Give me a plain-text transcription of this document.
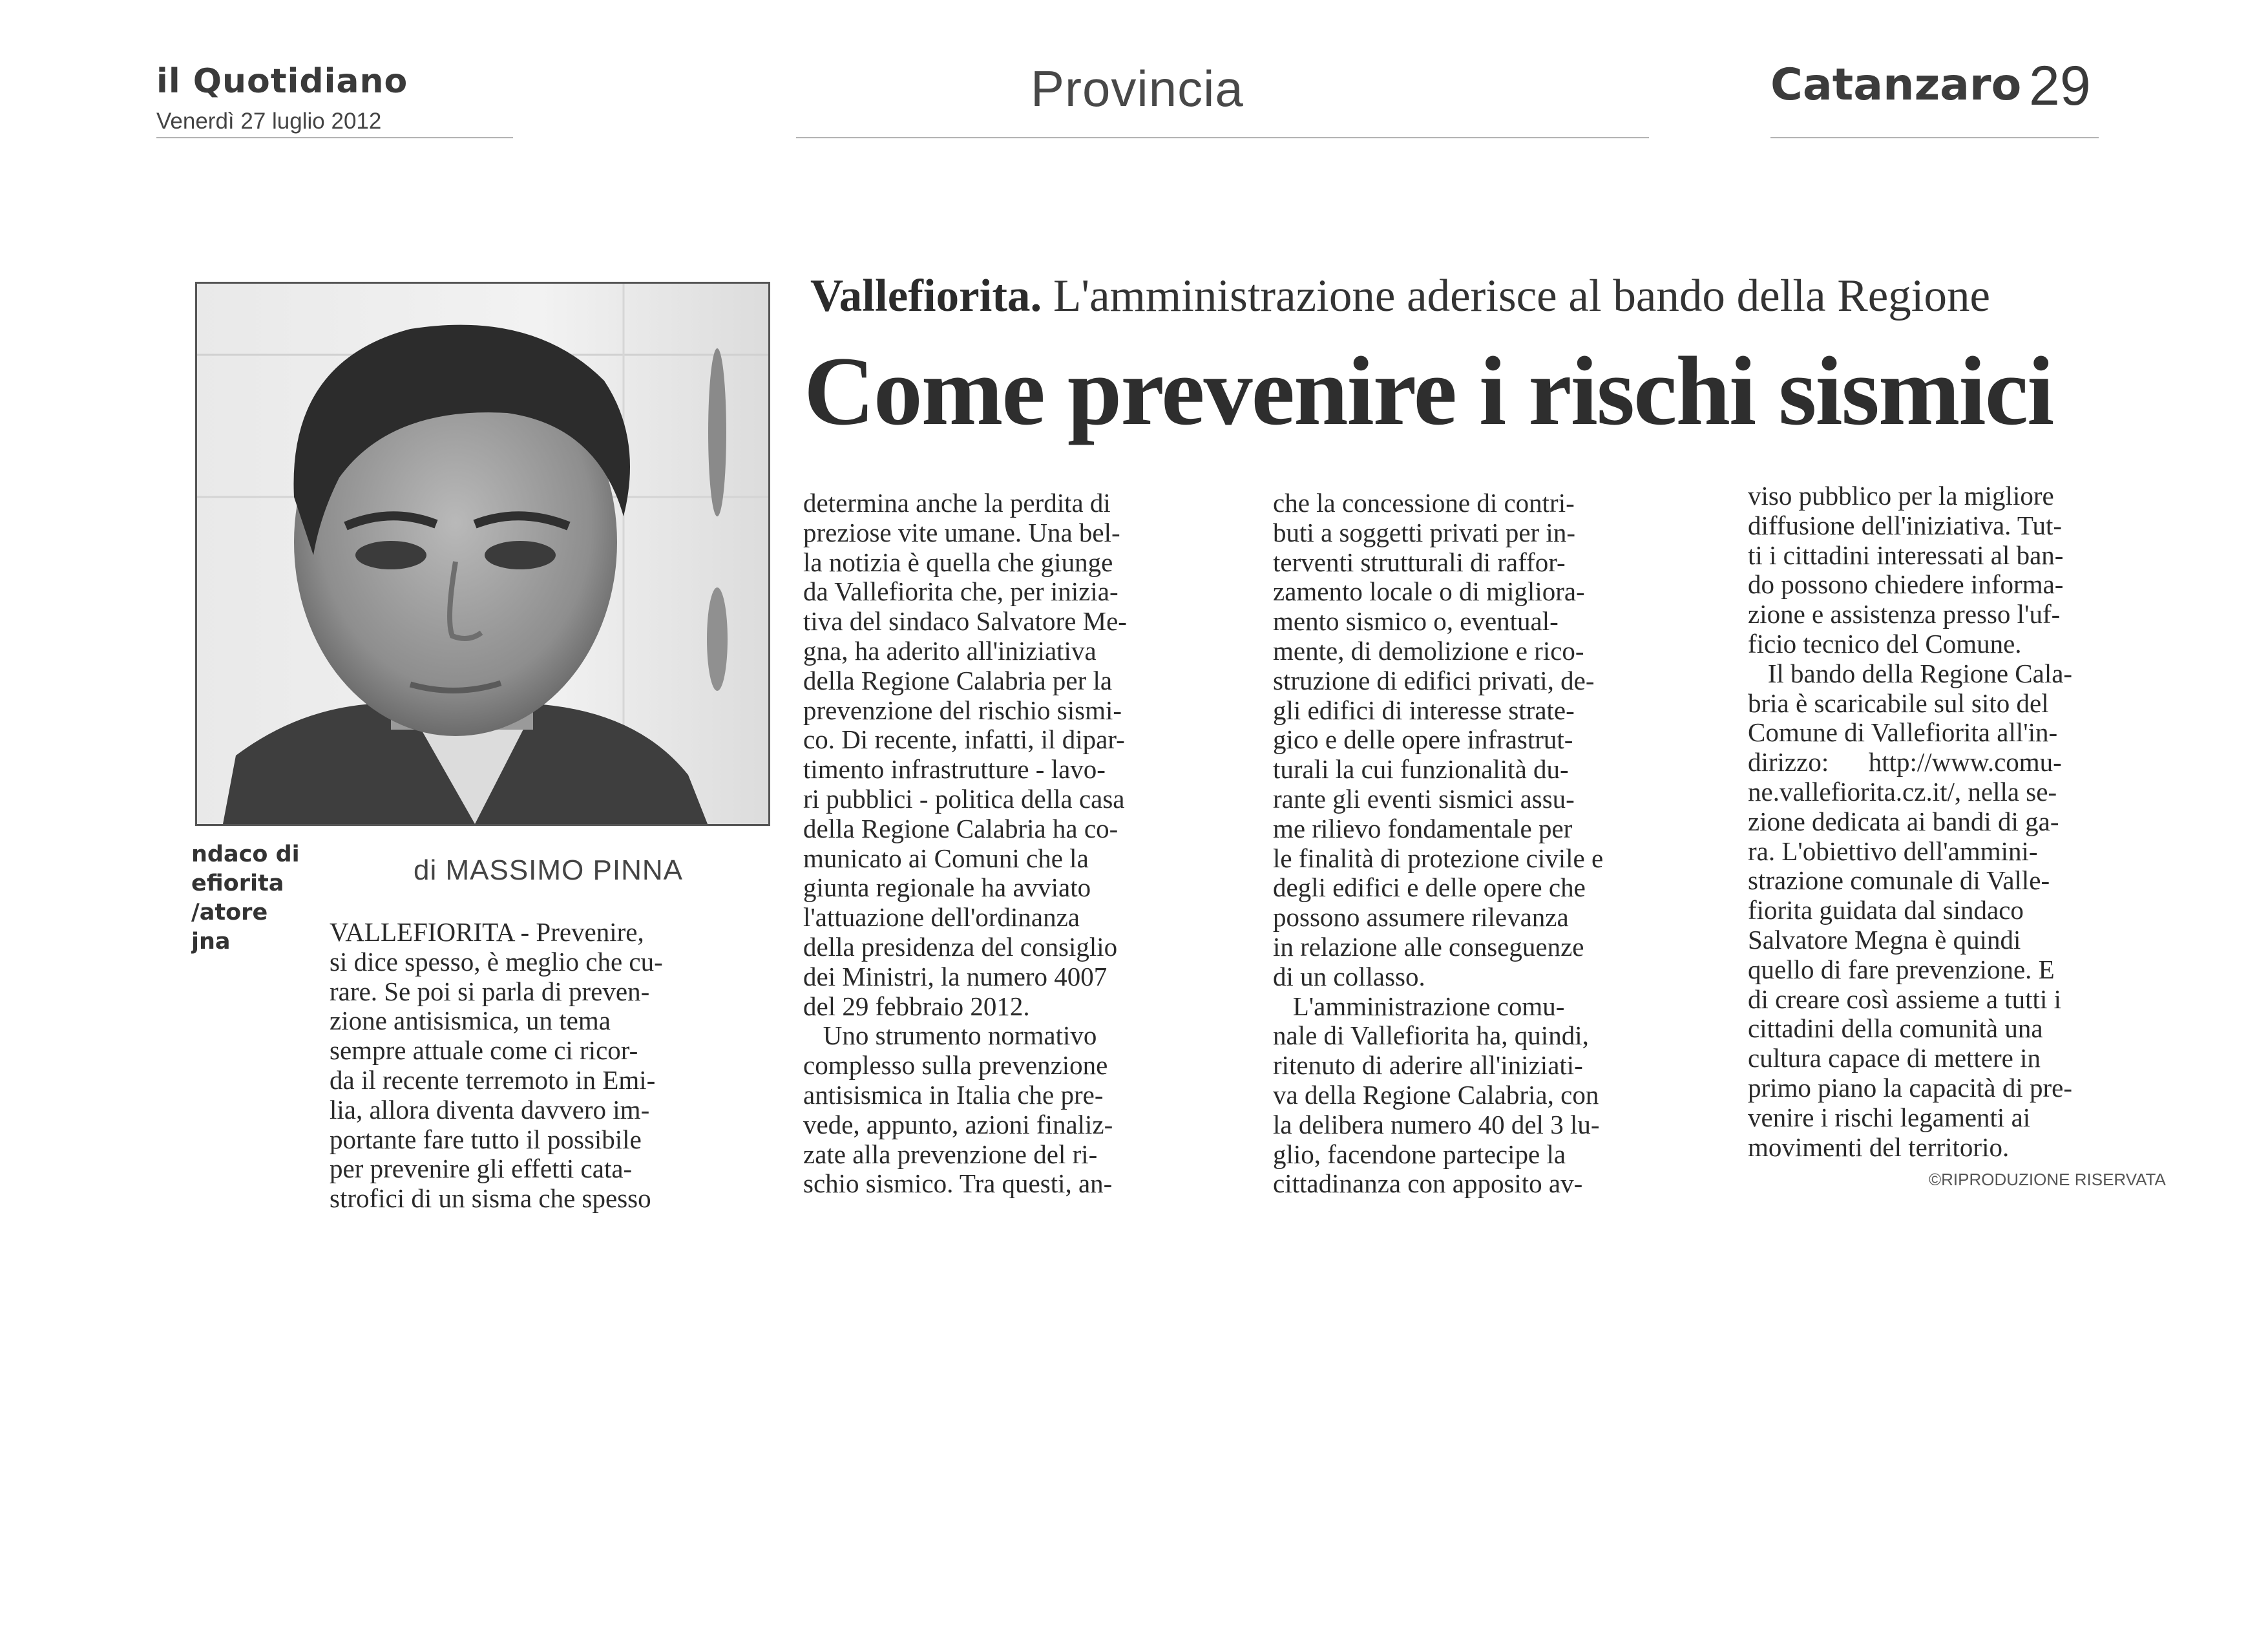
il Quotidiano
Venerdì 27 luglio 2012
Provincia	Catanzaro 29
ndaco di
efiorita
/atore
јna
Vallefiorita. L'amministrazione aderisce al bando della Regione
Come prevenire i rischi sismici
di MASSIMO PINNA
VALLEFIORITA - Prevenire,
si dice spesso, è meglio che cu-
rare. Se poi si parla di preven-
zione antisismica, un tema
sempre attuale come ci ricor-
da il recente terremoto in Emi-
lia, allora diventa davvero im-
portante fare tutto il possibile
per prevenire gli effetti cata-
strofici di un sisma che spesso
determina anche la perdita di
preziose vite umane. Una bel-
la notizia è quella che giunge
da Vallefiorita che, per inizia-
tiva del sindaco Salvatore Me-
gna, ha aderito all'iniziativa
della Regione Calabria per la
prevenzione del rischio sismi-
co. Di recente, infatti, il dipar-
timento infrastrutture - lavo-
ri pubblici - politica della casa
della Regione Calabria ha co-
municato ai Comuni che la
giunta regionale ha avviato
l'attuazione dell'ordinanza
della presidenza del consiglio
dei Ministri, la numero 4007
del 29 febbraio 2012.
Uno strumento normativo
complesso sulla prevenzione
antisismica in Italia che pre-
vede, appunto, azioni finaliz-
zate alla prevenzione del ri-
schio sismico. Tra questi, an-
che la concessione di contri-
buti a soggetti privati per in-
terventi strutturali di raffor-
zamento locale o di migliora-
mento sismico o, eventual-
mente, di demolizione e rico-
struzione di edifici privati, de-
gli edifici di interesse strate-
gico e delle opere infrastrut-
turali la cui funzionalità du-
rante gli eventi sismici assu-
me rilievo fondamentale per
le finalità di protezione civile e
degli edifici e delle opere che
possono assumere rilevanza
in relazione alle conseguenze
di un collasso.
L'amministrazione comu-
nale di Vallefiorita ha, quindi,
ritenuto di aderire all'iniziati-
va della Regione Calabria, con
la delibera numero 40 del 3 lu-
glio, facendone partecipe la
cittadinanza con apposito av-
viso pubblico per la migliore
diffusione dell'iniziativa. Tut-
ti i cittadini interessati al ban-
do possono chiedere informa-
zione e assistenza presso l'uf-
ficio tecnico del Comune.
Il bando della Regione Cala-
bria è scaricabile sul sito del
Comune di Vallefiorita all'in-
dirizzo:      http://www.comu-
ne.vallefiorita.cz.it/, nella se-
zione dedicata ai bandi di ga-
ra. L'obiettivo dell'ammini-
strazione comunale di Valle-
fiorita guidata dal sindaco
Salvatore Megna è quindi
quello di fare prevenzione. E
di creare così assieme a tutti i
cittadini della comunità una
cultura capace di mettere in
primo piano la capacità di pre-
venire i rischi legamenti ai
movimenti del territorio.
©RIPRODUZIONE RISERVATA
